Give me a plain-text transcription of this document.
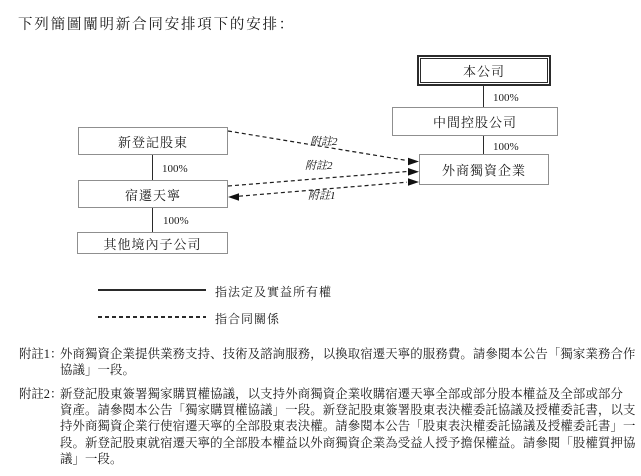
下列簡圖闡明新合同安排項下的安排：
本公司
中間控股公司
外商獨資企業
新登記股東
宿遷天寧
其他境內子公司
100%
100%
100%
100%
附註2
附註2
附註1
指法定及實益所有權
指合同關係
附註1：
外商獨資企業提供業務支持、技術及諮詢服務，以換取宿遷天寧的服務費。請參閱本公告「獨家業務合作
協議」一段。
附註2：
新登記股東簽署獨家購買權協議，以支持外商獨資企業收購宿遷天寧全部或部分股本權益及全部或部分
資產。請參閱本公告「獨家購買權協議」一段。新登記股東簽署股東表決權委託協議及授權委託書，以支
持外商獨資企業行使宿遷天寧的全部股東表決權。請參閱本公告「股東表決權委託協議及授權委託書」一
段。新登記股東就宿遷天寧的全部股本權益以外商獨資企業為受益人授予擔保權益。請參閱「股權質押協
議」一段。
